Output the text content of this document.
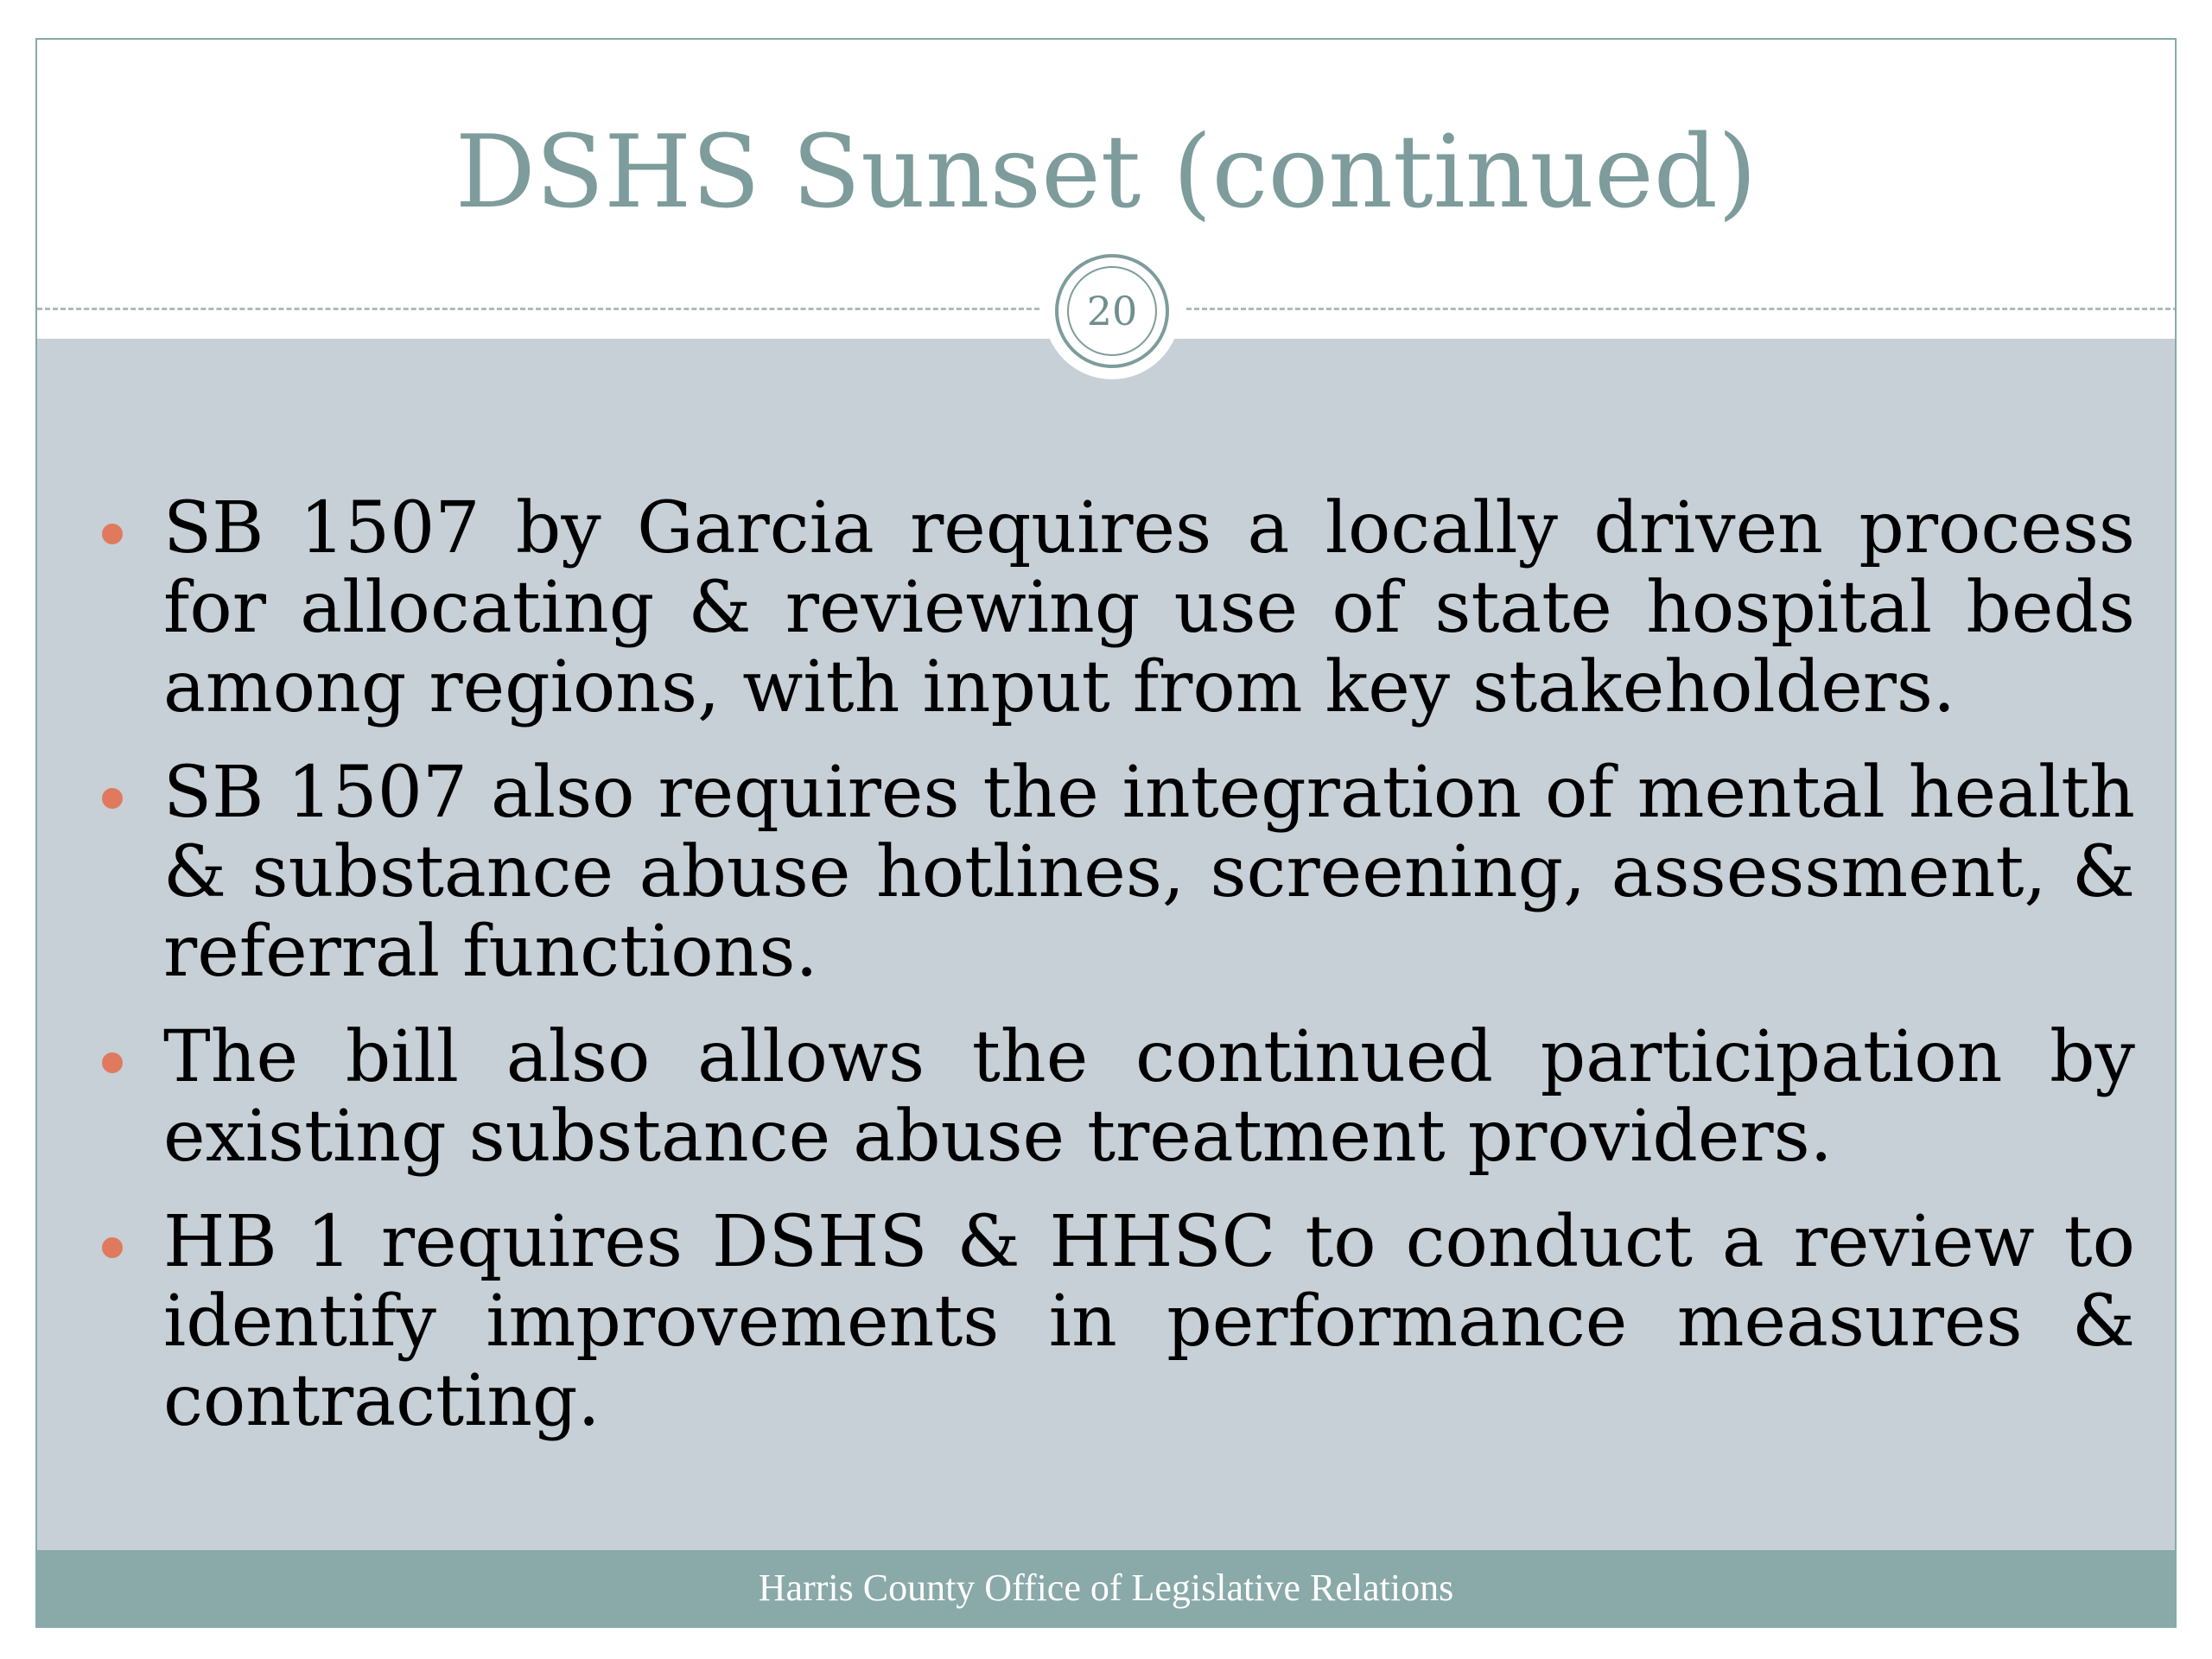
DSHS Sunset (continued)
20
SB 1507 by Garcia requires a locally driven process for allocating & reviewing use of state hospital beds among regions, with input from key stakeholders.
SB 1507 also requires the integration of mental health & substance abuse hotlines, screening, assessment, & referral functions.
The bill also allows the continued participation by existing substance abuse treatment providers.
HB 1 requires DSHS & HHSC to conduct a review to identify improvements in performance measures & contracting.
Harris County Office of Legislative Relations
